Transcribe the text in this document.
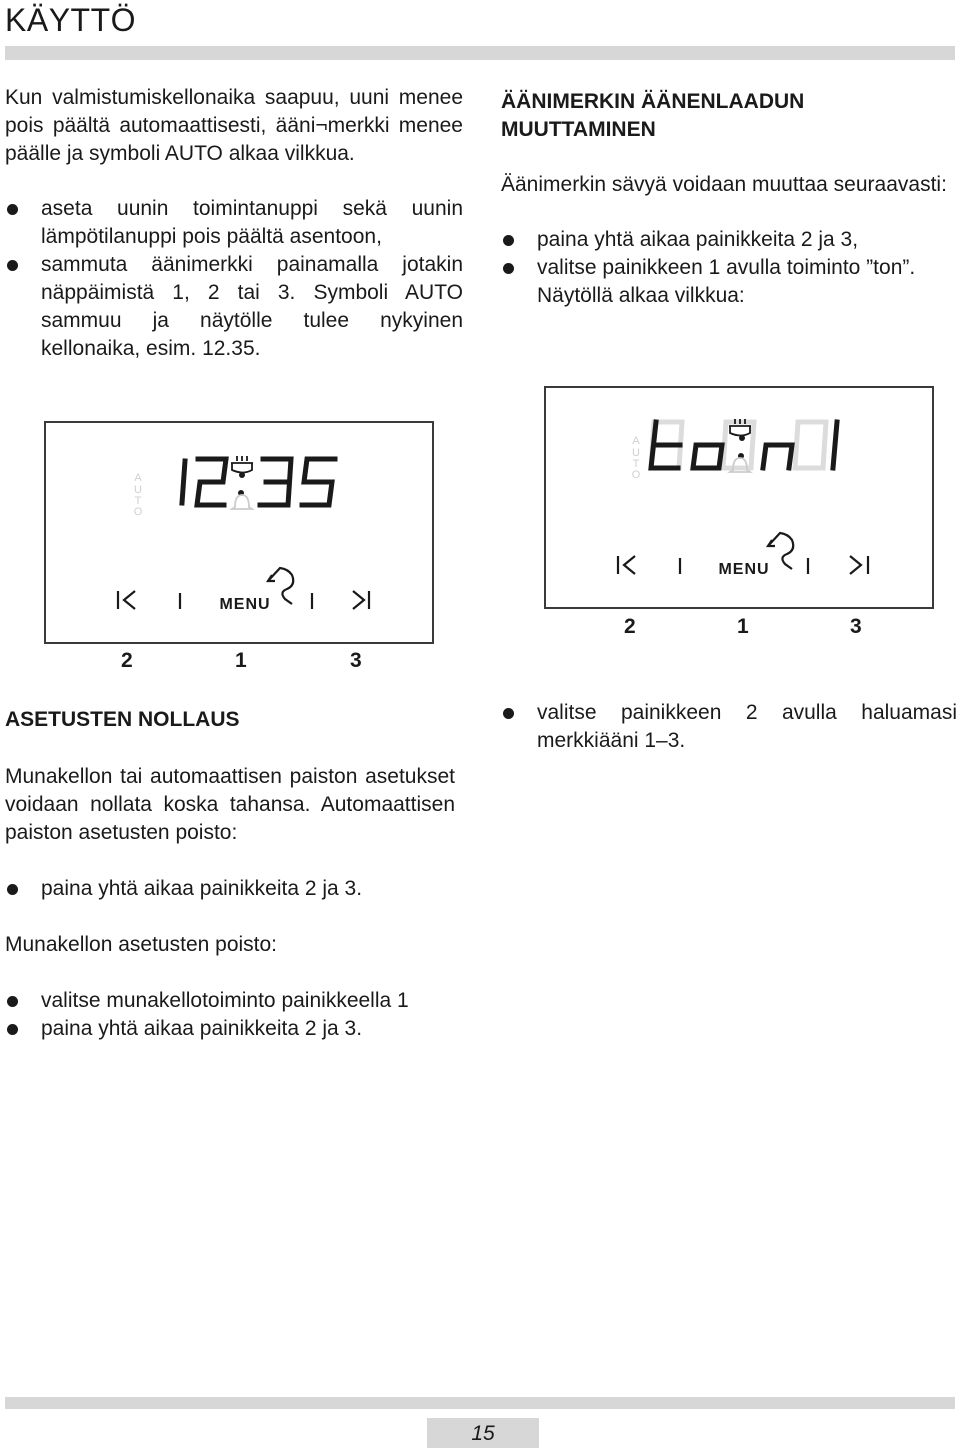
KÄYTTÖ

Kun valmistumiskellonaika saapuu, uuni menee pois päältä automaattisesti, ääni¬merkki menee päälle ja symboli AUTO alkaa vilkkua.

aseta uunin toimintanuppi sekä uunin lämpötilanuppi pois päältä asentoon,
sammuta äänimerkki painamalla jotakin näppäimistä 1, 2 tai 3. Symboli AUTO sammuu ja näytölle tulee nykyinen kellonaika, esim. 12.35.

ÄÄNIMERKIN ÄÄNENLAADUN MUUTTAMINEN

Äänimerkin sävyä voidaan muuttaa seuraavasti:

paina yhtä aikaa painikkeita 2 ja 3,
valitse painikkeen 1 avulla toiminto ”ton”. Näytöllä alkaa vilkkua:
A
U
T
O
MENU
2	1	3
A
U
T
O
MENU
2	1	3

ASETUSTEN NOLLAUS

Munakellon tai automaattisen paiston asetukset voidaan nollata koska tahansa. Automaattisen paiston asetusten poisto:

paina yhtä aikaa painikkeita 2 ja 3.

Munakellon asetusten poisto:

valitse munakellotoiminto painikkeella 1
paina yhtä aikaa painikkeita 2 ja 3.
valitse painikkeen 2 avulla haluamasi merkkiääni 1–3.
15
